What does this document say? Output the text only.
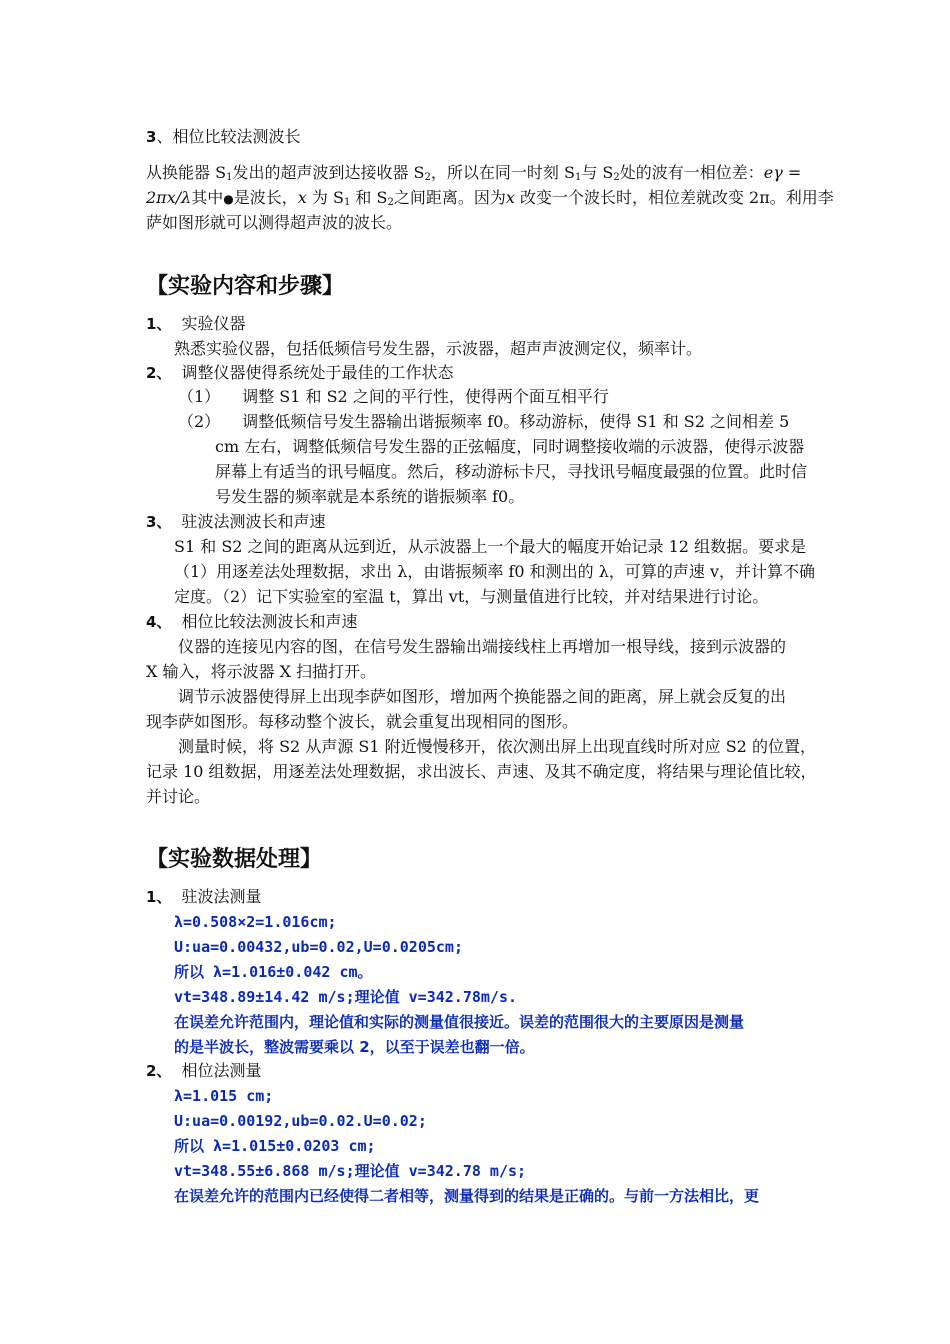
3、相位比较法测波长
从换能器 $S_1$发出的超声波到达接收器 $S_2$，所以在同一时刻 $S_1$与 $S_2$处的波有一相位差：eγ =
2πx/λ其中●是波长，x 为 $S_1$ 和 $S_2$之间距离。因为x 改变一个波长时，相位差就改变 2π。利用李
萨如图形就可以测得超声波的波长。
【实验内容和步骤】
1、 实验仪器
熟悉实验仪器，包括低频信号发生器，示波器，超声声波测定仪，频率计。
2、 调整仪器使得系统处于最佳的工作状态
（1） 调整 S1 和 S2 之间的平行性，使得两个面互相平行
（2） 调整低频信号发生器输出谐振频率 f0。移动游标，使得 S1 和 S2 之间相差 5
cm 左右，调整低频信号发生器的正弦幅度，同时调整接收端的示波器，使得示波器
屏幕上有适当的讯号幅度。然后，移动游标卡尺，寻找讯号幅度最强的位置。此时信
号发生器的频率就是本系统的谐振频率 f0。
3、 驻波法测波长和声速
S1 和 S2 之间的距离从远到近，从示波器上一个最大的幅度开始记录 12 组数据。要求是
（1）用逐差法处理数据，求出 λ，由谐振频率 f0 和测出的 λ，可算的声速 v，并计算不确
定度。（2）记下实验室的室温 t，算出 vt，与测量值进行比较，并对结果进行讨论。
4、 相位比较法测波长和声速
仪器的连接见内容的图，在信号发生器输出端接线柱上再增加一根导线，接到示波器的
X 输入，将示波器 X 扫描打开。
调节示波器使得屏上出现李萨如图形，增加两个换能器之间的距离，屏上就会反复的出
现李萨如图形。每移动整个波长，就会重复出现相同的图形。
测量时候，将 S2 从声源 S1 附近慢慢移开，依次测出屏上出现直线时所对应 S2 的位置，
记录 10 组数据，用逐差法处理数据，求出波长、声速、及其不确定度，将结果与理论值比较，
并讨论。
【实验数据处理】
1、 驻波法测量
λ=0.508×2=1.016cm;
U:ua=0.00432,ub=0.02,U=0.0205cm;
所以 λ=1.016±0.042 cm。
vt=348.89±14.42 m/s;理论值 v=342.78m/s.
在误差允许范围内，理论值和实际的测量值很接近。误差的范围很大的主要原因是测量
的是半波长，整波需要乘以 2，以至于误差也翻一倍。
2、 相位法测量
λ=1.015 cm;
U:ua=0.00192,ub=0.02.U=0.02;
所以 λ=1.015±0.0203 cm;
vt=348.55±6.868 m/s;理论值 v=342.78 m/s;
在误差允许的范围内已经使得二者相等，测量得到的结果是正确的。与前一方法相比，更
